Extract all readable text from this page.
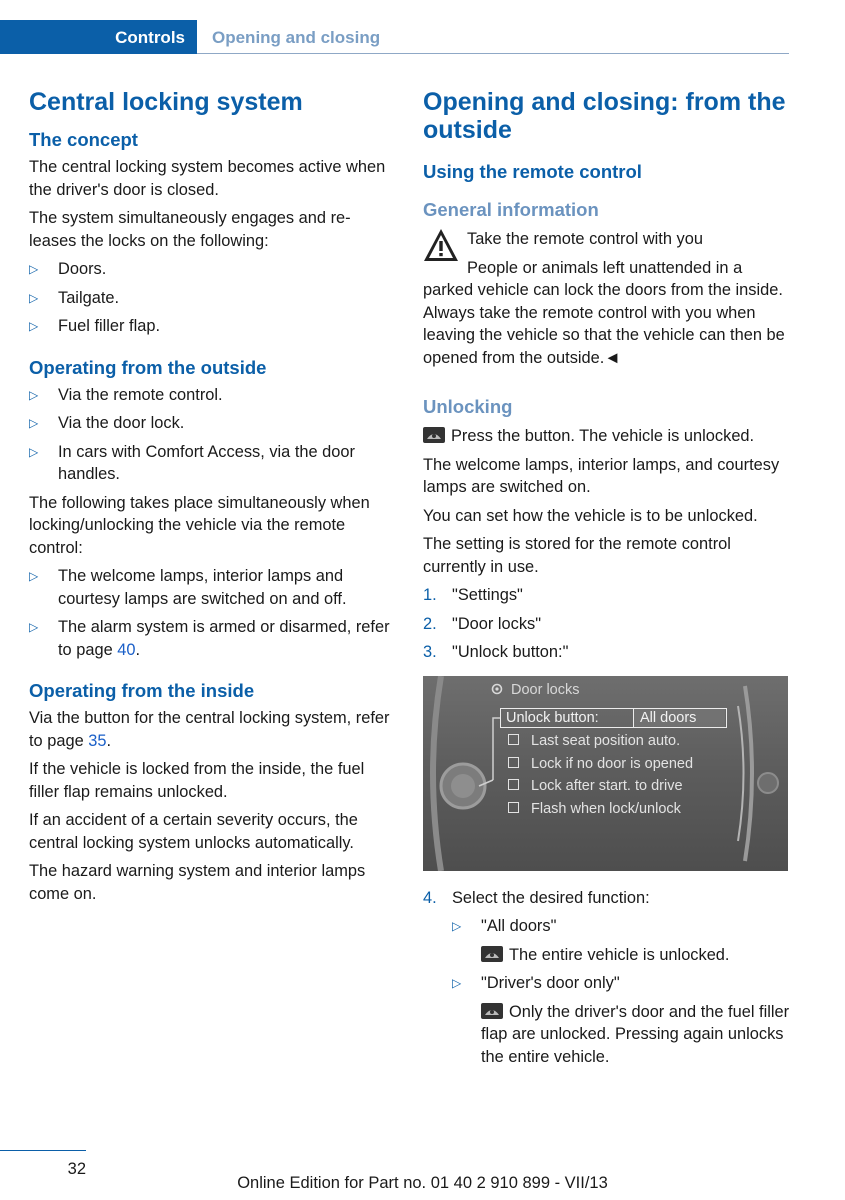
Controls	Opening and closing
Central locking system
The concept

The central locking system becomes active when the driver's door is closed.

The system simultaneously engages and releases the locks on the following:

▷ Doors.
▷ Tailgate.
▷ Fuel filler flap.
Operating from the outside
▷ Via the remote control.
▷ Via the door lock.
▷ In cars with Comfort Access, via the door handles.

The following takes place simultaneously when locking/unlocking the vehicle via the remote control:

▷ The welcome lamps, interior lamps and courtesy lamps are switched on and off.
▷ The alarm system is armed or disarmed, refer to page 40.
Operating from the inside

Via the button for the central locking system, refer to page 35.

If the vehicle is locked from the inside, the fuel filler flap remains unlocked.

If an accident of a certain severity occurs, the central locking system unlocks automatically.

The hazard warning system and interior lamps come on.

Opening and closing: from the outside
Using the remote control
General information
Take the remote control with you
People or animals left unattended in a parked vehicle can lock the doors from the inside. Always take the remote control with you when leaving the vehicle so that the vehicle can then be opened from the outside.◄
Unlocking

Press the button. The vehicle is unlocked.

The welcome lamps, interior lamps, and courtesy lamps are switched on.

You can set how the vehicle is to be unlocked.

The setting is stored for the remote control currently in use.

1. "Settings"
2. "Door locks"
3. "Unlock button:"
Door locks
Unlock button:	All doors
Last seat position auto.
Lock if no door is opened
Lock after start. to drive
Flash when lock/unlock
4. Select the desired function:
▷ "All doors"
The entire vehicle is unlocked.
▷ "Driver's door only"
Only the driver's door and the fuel filler flap are unlocked. Pressing again unlocks the entire vehicle.
32
Online Edition for Part no. 01 40 2 910 899 - VII/13
